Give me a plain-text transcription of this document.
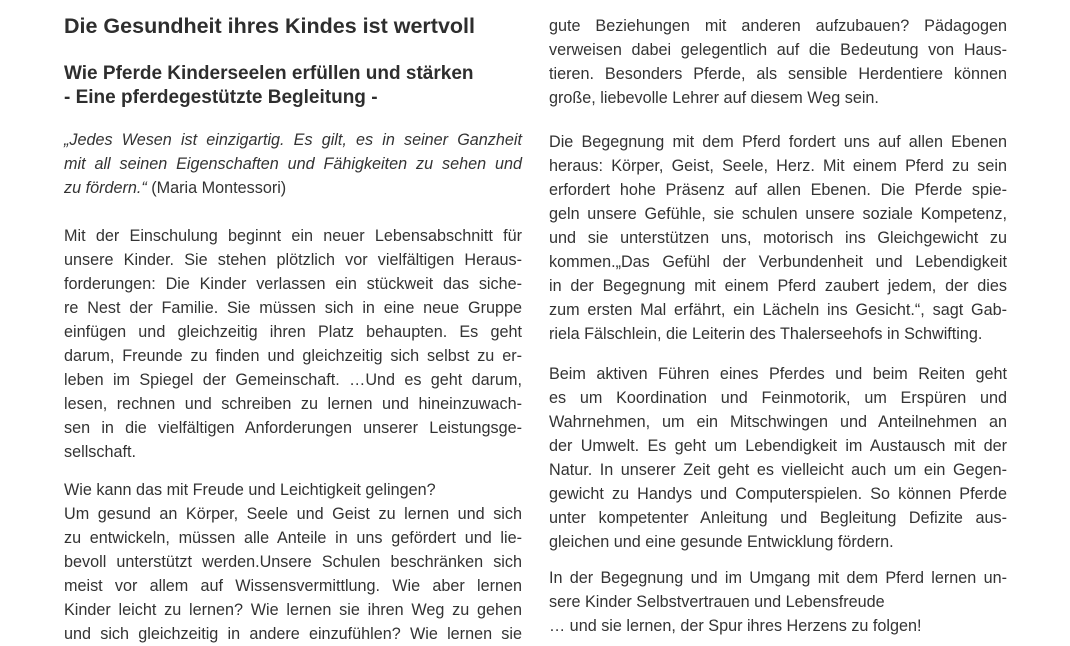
Die Gesundheit ihres Kindes ist wertvoll
Wie Pferde Kinderseelen erfüllen und stärken
- Eine pferdegestützte Begleitung -
„Jedes Wesen ist einzigartig. Es gilt, es in seiner Ganzheit
mit all seinen Eigenschaften und Fähigkeiten zu sehen und
zu fördern.“ (Maria Montessori)
Mit der Einschulung beginnt ein neuer Lebensabschnitt für
unsere Kinder. Sie stehen plötzlich vor vielfältigen Heraus-
forderungen: Die Kinder verlassen ein stückweit das siche-
re Nest der Familie. Sie müssen sich in eine neue Gruppe
einfügen und gleichzeitig ihren Platz behaupten. Es geht
darum, Freunde zu finden und gleichzeitig sich selbst zu er-
leben im Spiegel der Gemeinschaft. …Und es geht darum,
lesen, rechnen und schreiben zu lernen und hineinzuwach-
sen in die vielfältigen Anforderungen unserer Leistungsge-
sellschaft.
Wie kann das mit Freude und Leichtigkeit gelingen?
Um gesund an Körper, Seele und Geist zu lernen und sich
zu entwickeln, müssen alle Anteile in uns gefördert und lie-
bevoll unterstützt werden.Unsere Schulen beschränken sich
meist vor allem auf Wissensvermittlung. Wie aber lernen
Kinder leicht zu lernen? Wie lernen sie ihren Weg zu gehen
und sich gleichzeitig in andere einzufühlen? Wie lernen sie
gute Beziehungen mit anderen aufzubauen? Pädagogen
verweisen dabei gelegentlich auf die Bedeutung von Haus-
tieren. Besonders Pferde, als sensible Herdentiere können
große, liebevolle Lehrer auf diesem Weg sein.
Die Begegnung mit dem Pferd fordert uns auf allen Ebenen
heraus: Körper, Geist, Seele, Herz. Mit einem Pferd zu sein
erfordert hohe Präsenz auf allen Ebenen. Die Pferde spie-
geln unsere Gefühle, sie schulen unsere soziale Kompetenz,
und sie unterstützen uns, motorisch ins Gleichgewicht zu
kommen.„Das Gefühl der Verbundenheit und Lebendigkeit
in der Begegnung mit einem Pferd zaubert jedem, der dies
zum ersten Mal erfährt, ein Lächeln ins Gesicht.“, sagt Gab-
riela Fälschlein, die Leiterin des Thalerseehofs in Schwifting.
Beim aktiven Führen eines Pferdes und beim Reiten geht
es um Koordination und Feinmotorik, um Erspüren und
Wahrnehmen, um ein Mitschwingen und Anteilnehmen an
der Umwelt. Es geht um Lebendigkeit im Austausch mit der
Natur. In unserer Zeit geht es vielleicht auch um ein Gegen-
gewicht zu Handys und Computerspielen. So können Pferde
unter kompetenter Anleitung und Begleitung Defizite aus-
gleichen und eine gesunde Entwicklung fördern.
In der Begegnung und im Umgang mit dem Pferd lernen un-
sere Kinder Selbstvertrauen und Lebensfreude
… und sie lernen, der Spur ihres Herzens zu folgen!
